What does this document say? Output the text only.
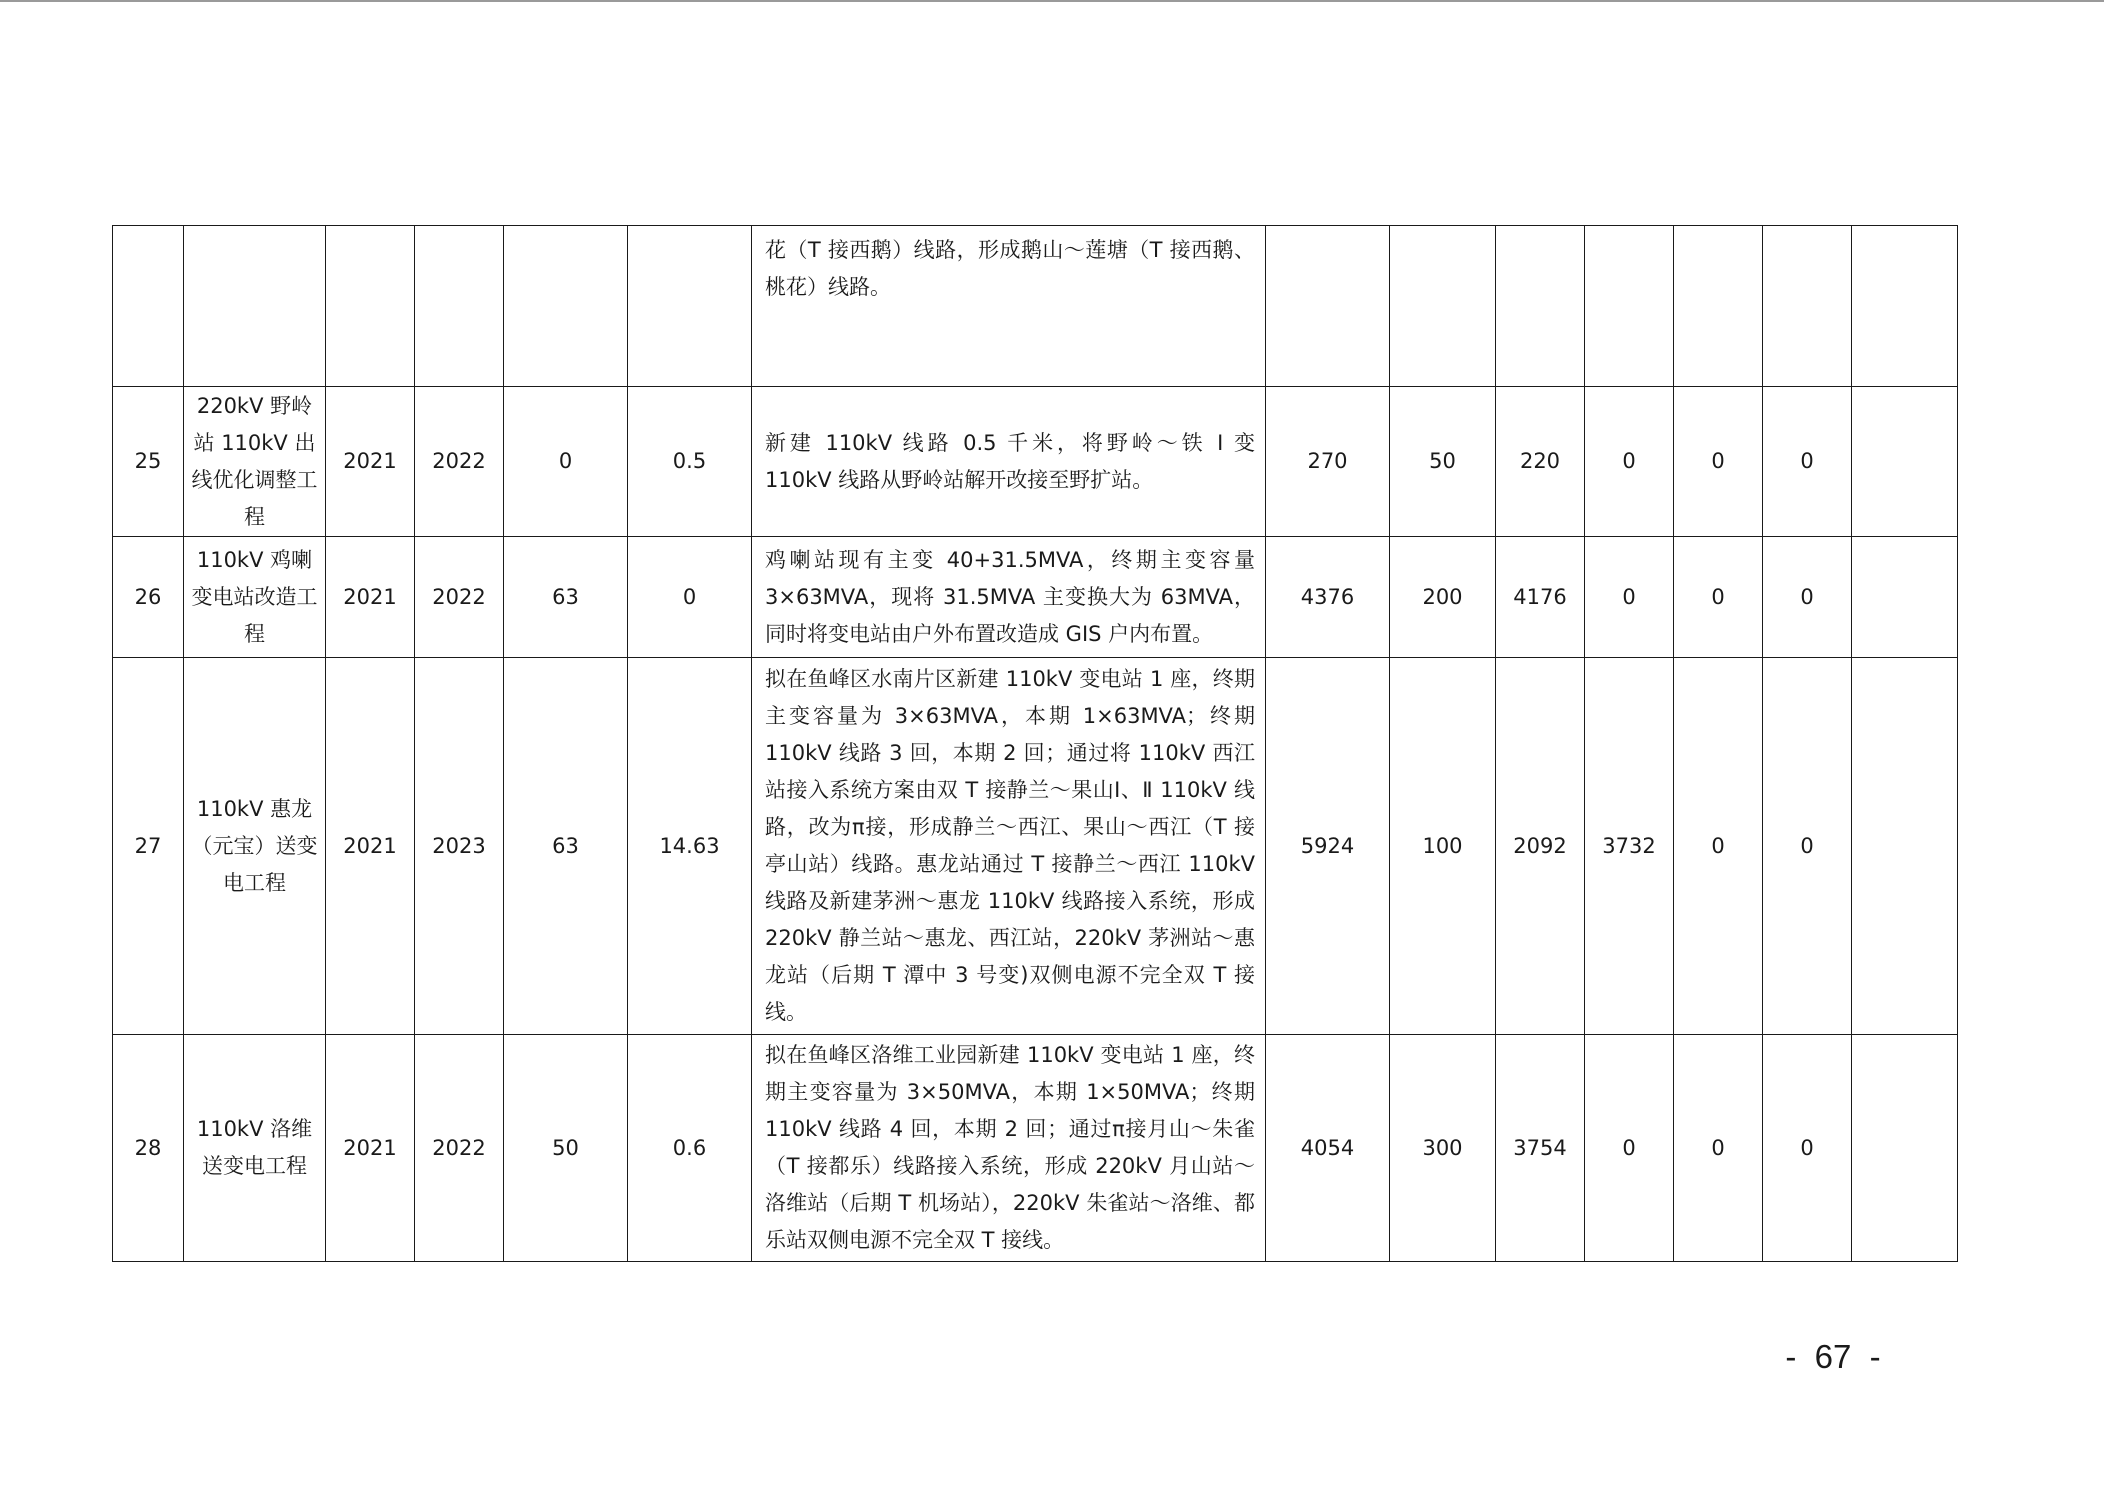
						花（T 接西鹅）线路，形成鹅山～莲塘（T 接西鹅、桃花）线路。							
25	220kV 野岭站 110kV 出线优化调整工程	2021	2022	0	0.5	新建 110kV 线路 0.5 千米，将野岭～铁 I 变 110kV 线路从野岭站解开改接至野扩站。	270	50	220	0	0	0	
26	110kV 鸡喇变电站改造工程	2021	2022	63	0	鸡喇站现有主变 40+31.5MVA，终期主变容量 3×63MVA，现将 31.5MVA 主变换大为 63MVA，同时将变电站由户外布置改造成 GIS 户内布置。	4376	200	4176	0	0	0	
27	110kV 惠龙（元宝）送变电工程	2021	2023	63	14.63	拟在鱼峰区水南片区新建 110kV 变电站 1 座，终期主变容量为 3×63MVA，本期 1×63MVA；终期 110kV 线路 3 回，本期 2 回；通过将 110kV 西江站接入系统方案由双 T 接静兰～果山Ⅰ、Ⅱ 110kV 线路，改为π接，形成静兰～西江、果山～西江（T 接亭山站）线路。惠龙站通过 T 接静兰～西江 110kV 线路及新建茅洲～惠龙 110kV 线路接入系统，形成 220kV 静兰站～惠龙、西江站，220kV 茅洲站～惠龙站（后期 T 潭中 3 号变)双侧电源不完全双 T 接线。	5924	100	2092	3732	0	0	
28	110kV 洛维送变电工程	2021	2022	50	0.6	拟在鱼峰区洛维工业园新建 110kV 变电站 1 座，终期主变容量为 3×50MVA，本期 1×50MVA；终期 110kV 线路 4 回，本期 2 回；通过π接月山～朱雀（T 接都乐）线路接入系统，形成 220kV 月山站～洛维站（后期 T 机场站），220kV 朱雀站～洛维、都乐站双侧电源不完全双 T 接线。	4054	300	3754	0	0	0	
-  67  -
